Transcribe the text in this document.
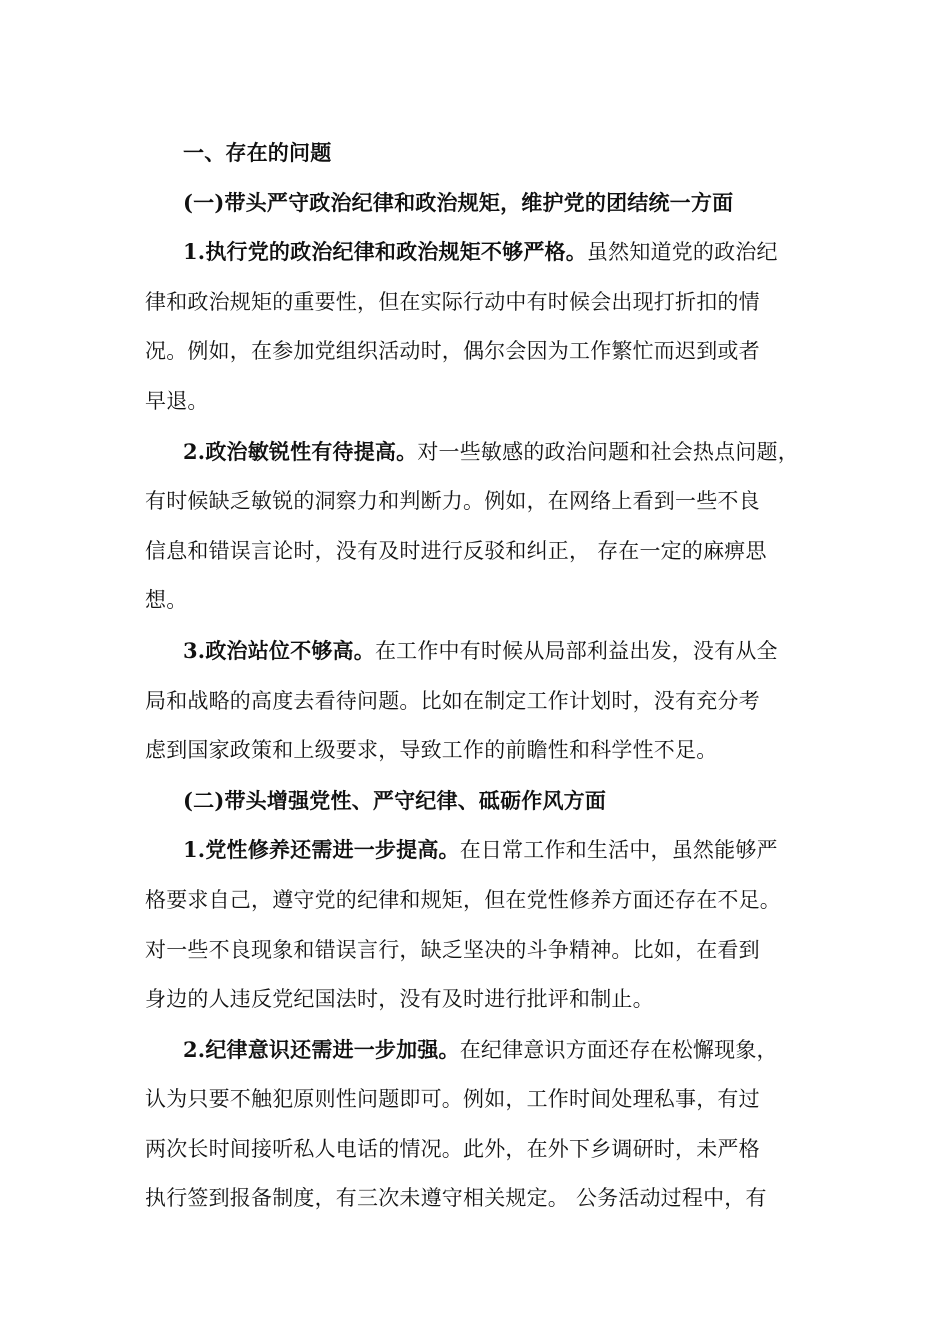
一、存在的问题
(一)带头严守政治纪律和政治规矩，维护党的团结统一方面
1.执行党的政治纪律和政治规矩不够严格。虽然知道党的政治纪
律和政治规矩的重要性，但在实际行动中有时候会出现打折扣的情
况。例如，在参加党组织活动时，偶尔会因为工作繁忙而迟到或者
早退。
2.政治敏锐性有待提高。对一些敏感的政治问题和社会热点问题，
有时候缺乏敏锐的洞察力和判断力。例如，在网络上看到一些不良
信息和错误言论时，没有及时进行反驳和纠正， 存在一定的麻痹思
想。
3.政治站位不够高。在工作中有时候从局部利益出发，没有从全
局和战略的高度去看待问题。比如在制定工作计划时，没有充分考
虑到国家政策和上级要求，导致工作的前瞻性和科学性不足。
(二)带头增强党性、严守纪律、砥砺作风方面
1.党性修养还需进一步提高。在日常工作和生活中，虽然能够严
格要求自己，遵守党的纪律和规矩，但在党性修养方面还存在不足。
对一些不良现象和错误言行，缺乏坚决的斗争精神。比如，在看到
身边的人违反党纪国法时，没有及时进行批评和制止。
2.纪律意识还需进一步加强。在纪律意识方面还存在松懈现象，
认为只要不触犯原则性问题即可。例如，工作时间处理私事，有过
两次长时间接听私人电话的情况。此外，在外下乡调研时，未严格
执行签到报备制度，有三次未遵守相关规定。 公务活动过程中，有
